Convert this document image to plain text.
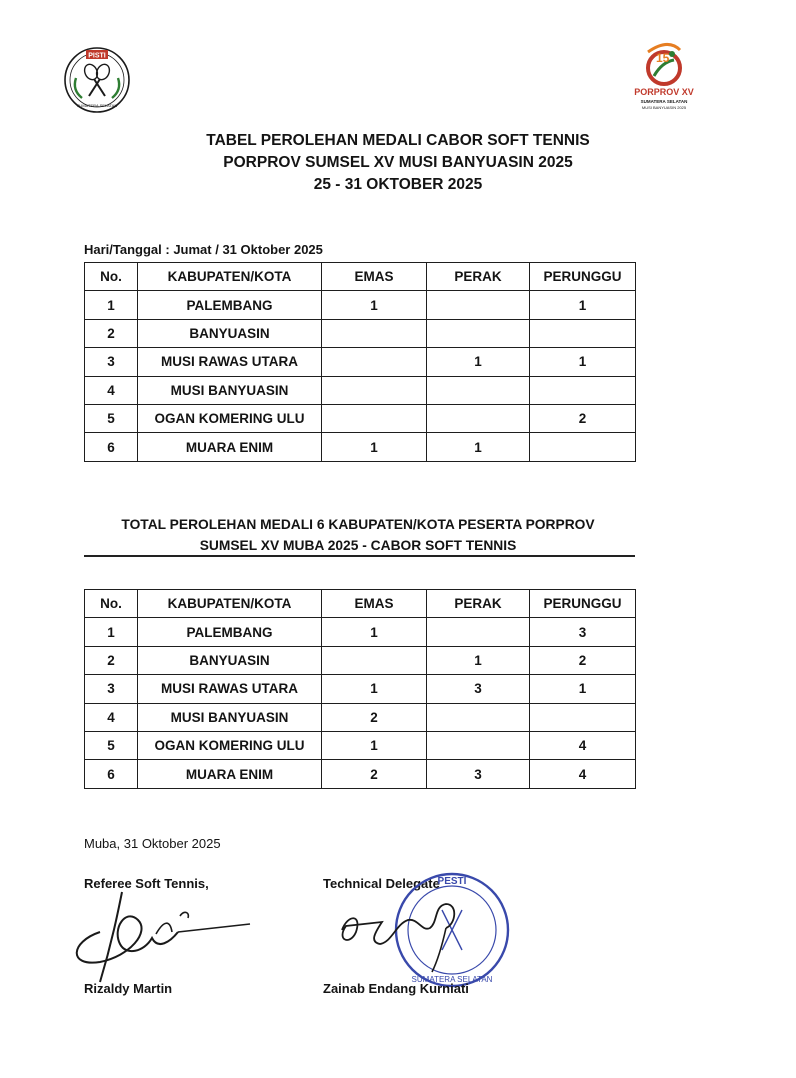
PISTI
SUMATERA SELATAN
15
PORPROV XV
SUMATERA SELATAN
MUSI BANYUASIN 2025
TABEL PEROLEHAN MEDALI CABOR SOFT TENNIS
PORPROV SUMSEL XV MUSI BANYUASIN 2025
25 - 31 OKTOBER 2025
Hari/Tanggal : Jumat / 31 Oktober 2025
No.	KABUPATEN/KOTA	EMAS	PERAK	PERUNGGU
1	PALEMBANG	1		1
2	BANYUASIN			
3	MUSI RAWAS UTARA		1	1
4	MUSI BANYUASIN			
5	OGAN KOMERING ULU			2
6	MUARA ENIM	1	1	
TOTAL PEROLEHAN MEDALI 6 KABUPATEN/KOTA PESERTA PORPROV
SUMSEL XV MUBA 2025 - CABOR SOFT TENNIS
No.	KABUPATEN/KOTA	EMAS	PERAK	PERUNGGU
1	PALEMBANG	1		3
2	BANYUASIN		1	2
3	MUSI RAWAS UTARA	1	3	1
4	MUSI BANYUASIN	2		
5	OGAN KOMERING ULU	1		4
6	MUARA ENIM	2	3	4
Muba, 31 Oktober 2025
Referee Soft Tennis,	Technical Delegate
PESTI
SUMATERA SELATAN
Rizaldy Martin	Zainab Endang Kurniati
